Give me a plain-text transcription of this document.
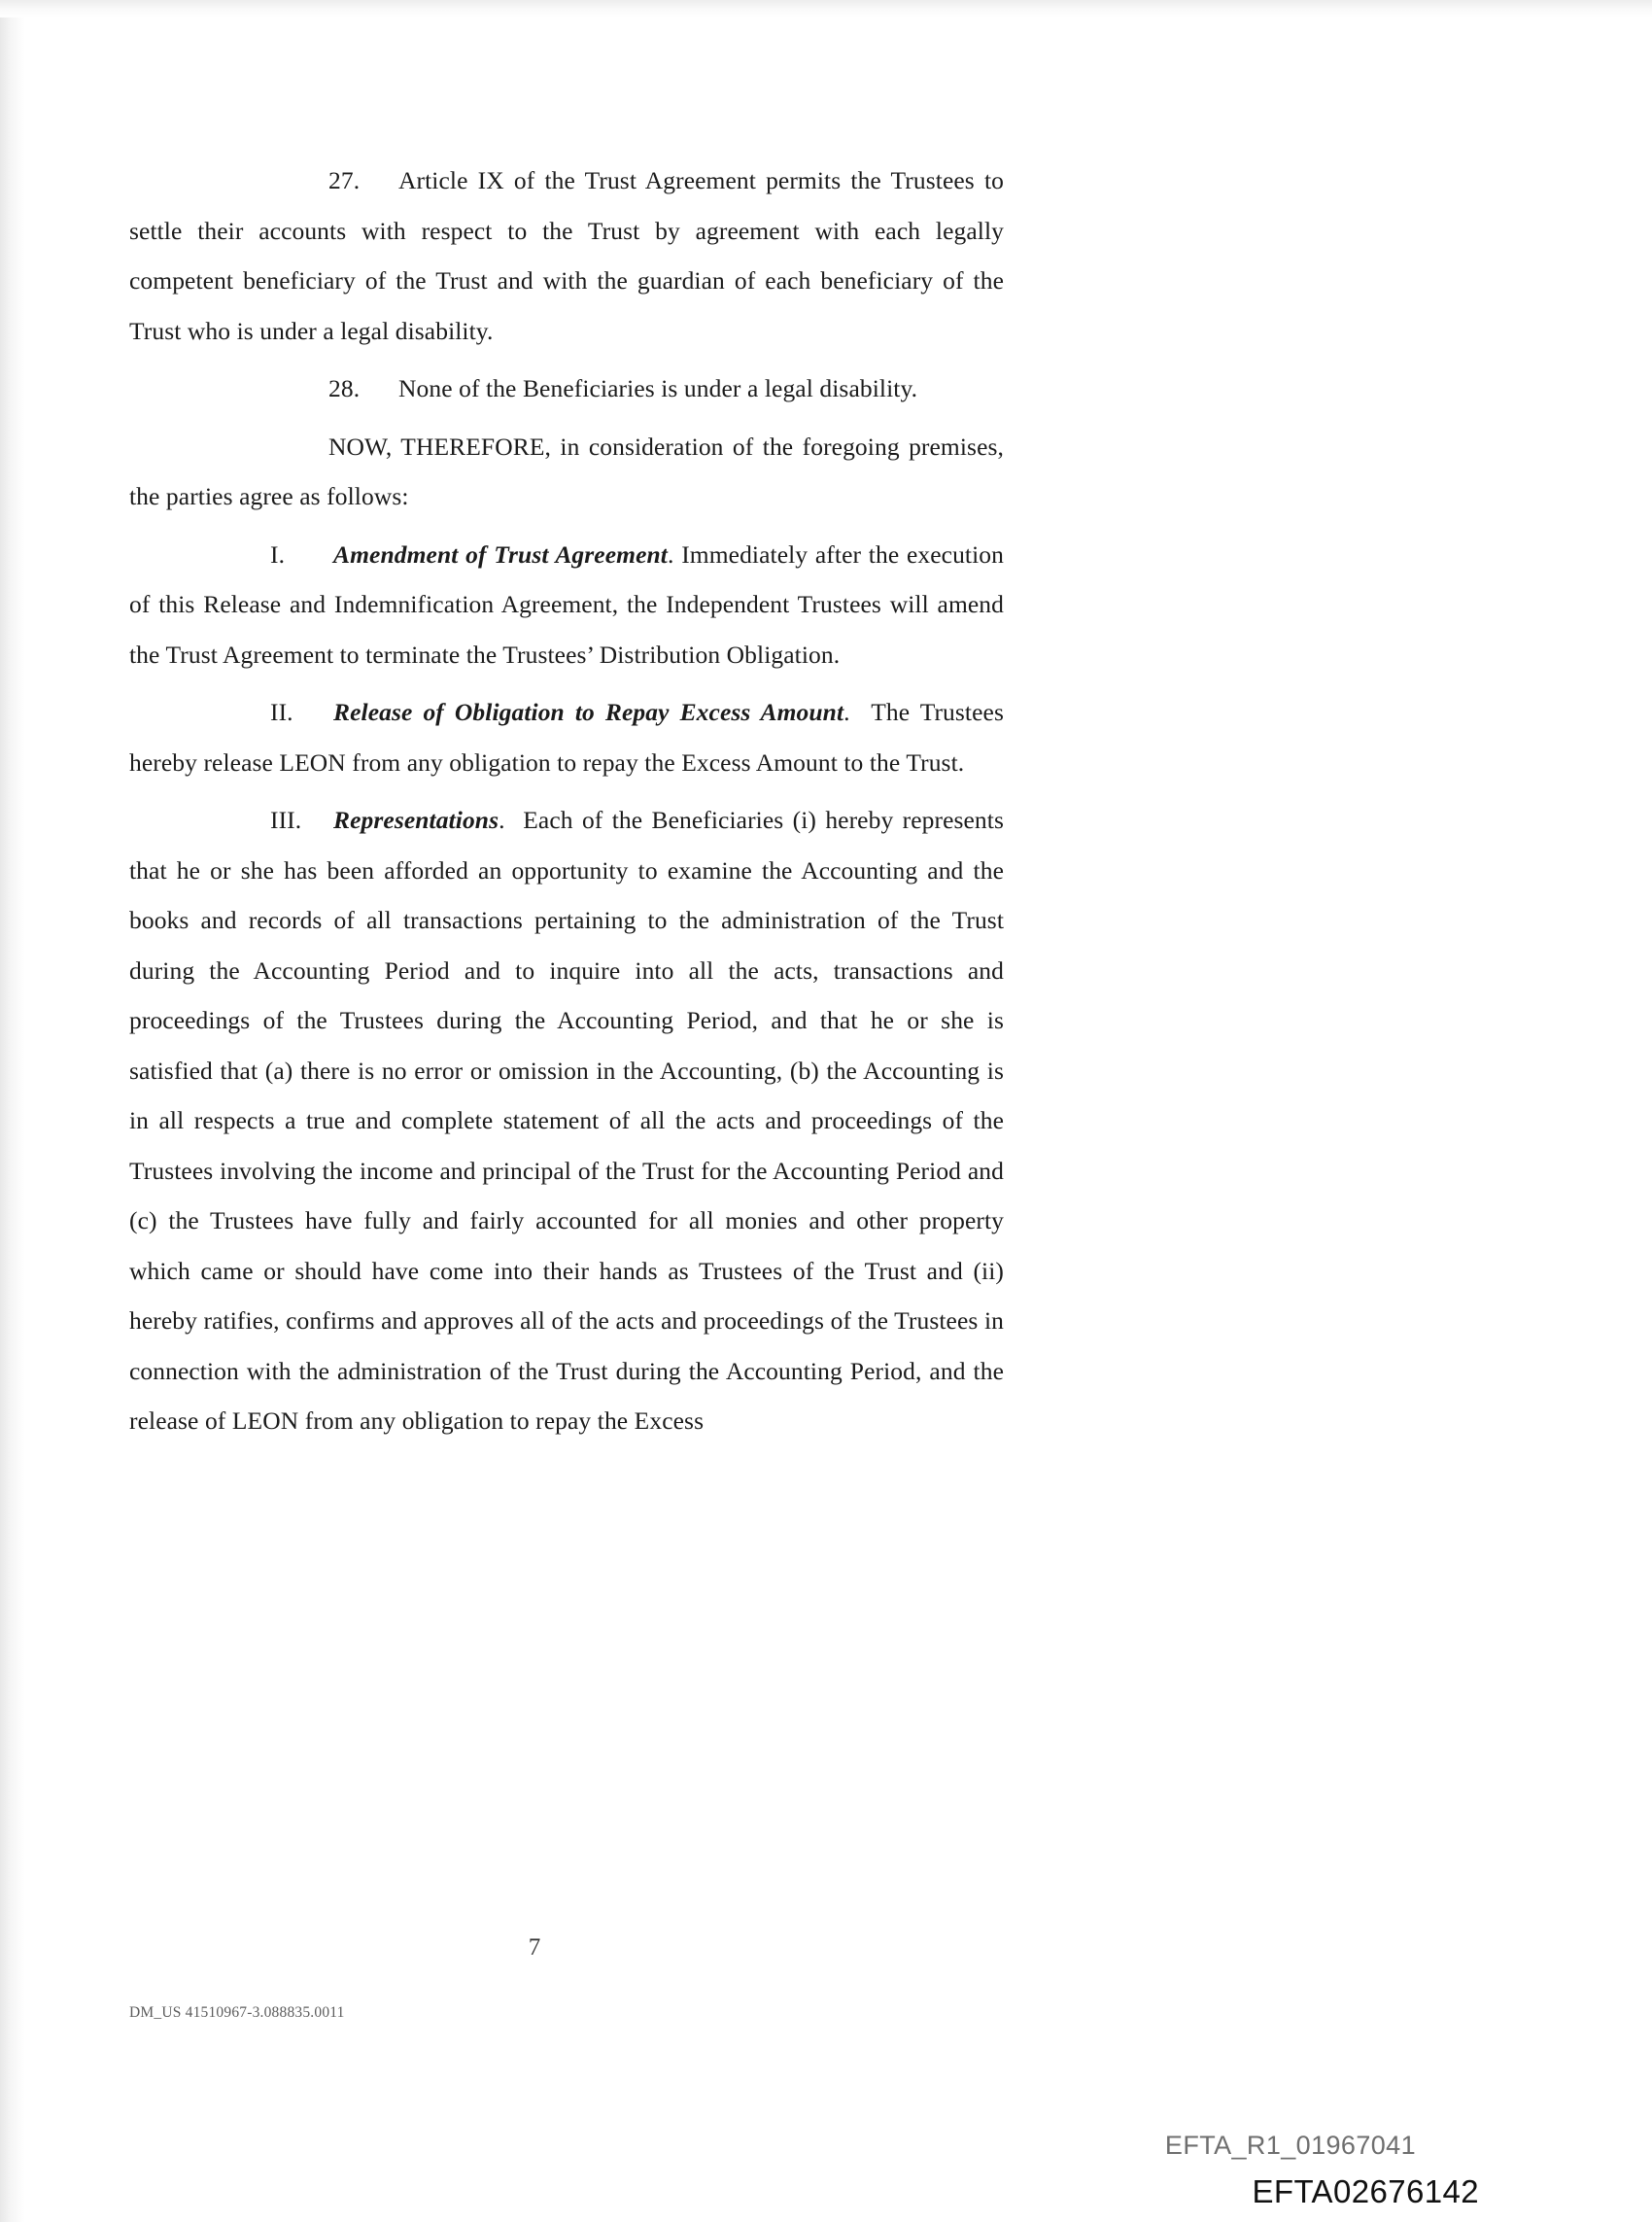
27. Article IX of the Trust Agreement permits the Trustees to settle their accounts with respect to the Trust by agreement with each legally competent beneficiary of the Trust and with the guardian of each beneficiary of the Trust who is under a legal disability.

28. None of the Beneficiaries is under a legal disability.

NOW, THEREFORE, in consideration of the foregoing premises, the parties agree as follows:

I. Amendment of Trust Agreement. Immediately after the execution of this Release and Indemnification Agreement, the Independent Trustees will amend the Trust Agreement to terminate the Trustees’ Distribution Obligation.

II. Release of Obligation to Repay Excess Amount. The Trustees hereby release LEON from any obligation to repay the Excess Amount to the Trust.

III. Representations. Each of the Beneficiaries (i) hereby represents that he or she has been afforded an opportunity to examine the Accounting and the books and records of all transactions pertaining to the administration of the Trust during the Accounting Period and to inquire into all the acts, transactions and proceedings of the Trustees during the Accounting Period, and that he or she is satisfied that (a) there is no error or omission in the Accounting, (b) the Accounting is in all respects a true and complete statement of all the acts and proceedings of the Trustees involving the income and principal of the Trust for the Accounting Period and (c) the Trustees have fully and fairly accounted for all monies and other property which came or should have come into their hands as Trustees of the Trust and (ii) hereby ratifies, confirms and approves all of the acts and proceedings of the Trustees in connection with the administration of the Trust during the Accounting Period, and the release of LEON from any obligation to repay the Excess

7
DM_US 41510967-3.088835.0011
EFTA_R1_01967041
EFTA02676142
